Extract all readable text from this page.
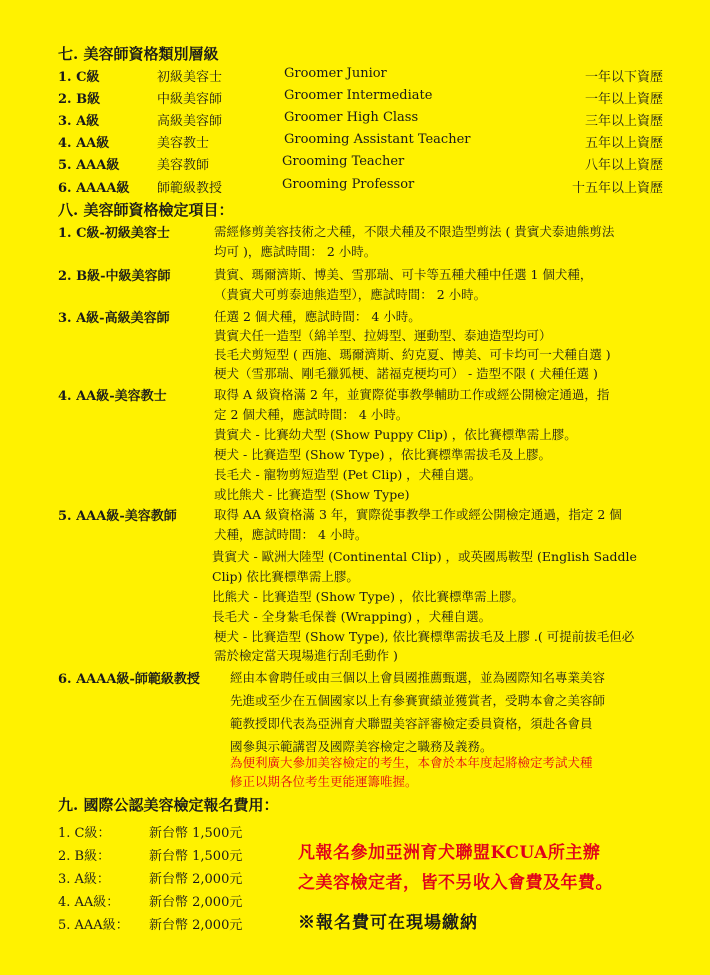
七. 美容師資格類別層級
1. C級	初級美容士	Groomer Junior	一年以下資歷
2. B級	中級美容師	Groomer Intermediate	一年以上資歷
3. A級	高級美容師	Groomer High Class	三年以上資歷
4. AA級	美容教士	Grooming Assistant Teacher	五年以上資歷
5. AAA級	美容教師	Grooming Teacher	八年以上資歷
6. AAAA級 師範級教授	Grooming Professor	十五年以上資歷
八. 美容師資格檢定項目：
1. C級-初級美容士	需經修剪美容技術之犬種，不限犬種及不限造型剪法 ( 貴賓犬泰迪熊剪法
均可 )，應試時間： 2 小時。
2. B級-中級美容師	貴賓、瑪爾濟斯、博美、雪那瑞、可卡等五種犬種中任選 1 個犬種，
（貴賓犬可剪泰迪熊造型），應試時間： 2 小時。
3. A級-高級美容師	任選 2 個犬種，應試時間： 4 小時。
貴賓犬任一造型（綿羊型、拉姆型、運動型、泰迪造型均可）
長毛犬剪短型 ( 西施、瑪爾濟斯、約克夏、博美、可卡均可一犬種自選 )
梗犬（雪那瑞、剛毛獵狐梗、諾福克梗均可） - 造型不限 ( 犬種任選 )
4. AA級-美容教士	取得 A 級資格滿 2 年，並實際從事教學輔助工作或經公開檢定通過，指
定 2 個犬種，應試時間： 4 小時。
貴賓犬 - 比賽幼犬型 (Show Puppy Clip) ，依比賽標準需上膠。
梗犬 - 比賽造型 (Show Type) ，依比賽標準需拔毛及上膠。
長毛犬 - 寵物剪短造型 (Pet Clip) ，犬種自選。
或比熊犬 - 比賽造型 (Show Type)
5. AAA級-美容教師	取得 AA 級資格滿 3 年，實際從事教學工作或經公開檢定通過，指定 2 個
犬種，應試時間： 4 小時。
貴賓犬 - 歐洲大陸型 (Continental Clip) ，或英國馬鞍型 (English Saddle
Clip) 依比賽標準需上膠。
比熊犬 - 比賽造型 (Show Type) ，依比賽標準需上膠。
長毛犬 - 全身紮毛保養 (Wrapping) ，犬種自選。
梗犬 - 比賽造型 (Show Type), 依比賽標準需拔毛及上膠 .( 可提前拔毛但必
需於檢定當天現場進行刮毛動作 )
6. AAAA級-師範級教授 經由本會聘任或由三個以上會員國推薦甄選，並為國際知名專業美容
先進或至少在五個國家以上有參賽實績並獲賞者，受聘本會之美容師
範教授即代表為亞洲育犬聯盟美容評審檢定委員資格，須赴各會員
國參與示範講習及國際美容檢定之職務及義務。
為便利廣大參加美容檢定的考生，本會於本年度起將檢定考試犬種
修正以期各位考生更能運籌唯握。
九. 國際公認美容檢定報名費用：
1. C級：	新台幣 1,500元
2. B級：	新台幣 1,500元
3. A級：	新台幣 2,000元
4. AA級： 新台幣 2,000元
5. AAA級： 新台幣 2,000元
凡報名參加亞洲育犬聯盟KCUA所主辦
之美容檢定者，皆不另收入會費及年費。
※報名費可在現場繳納
